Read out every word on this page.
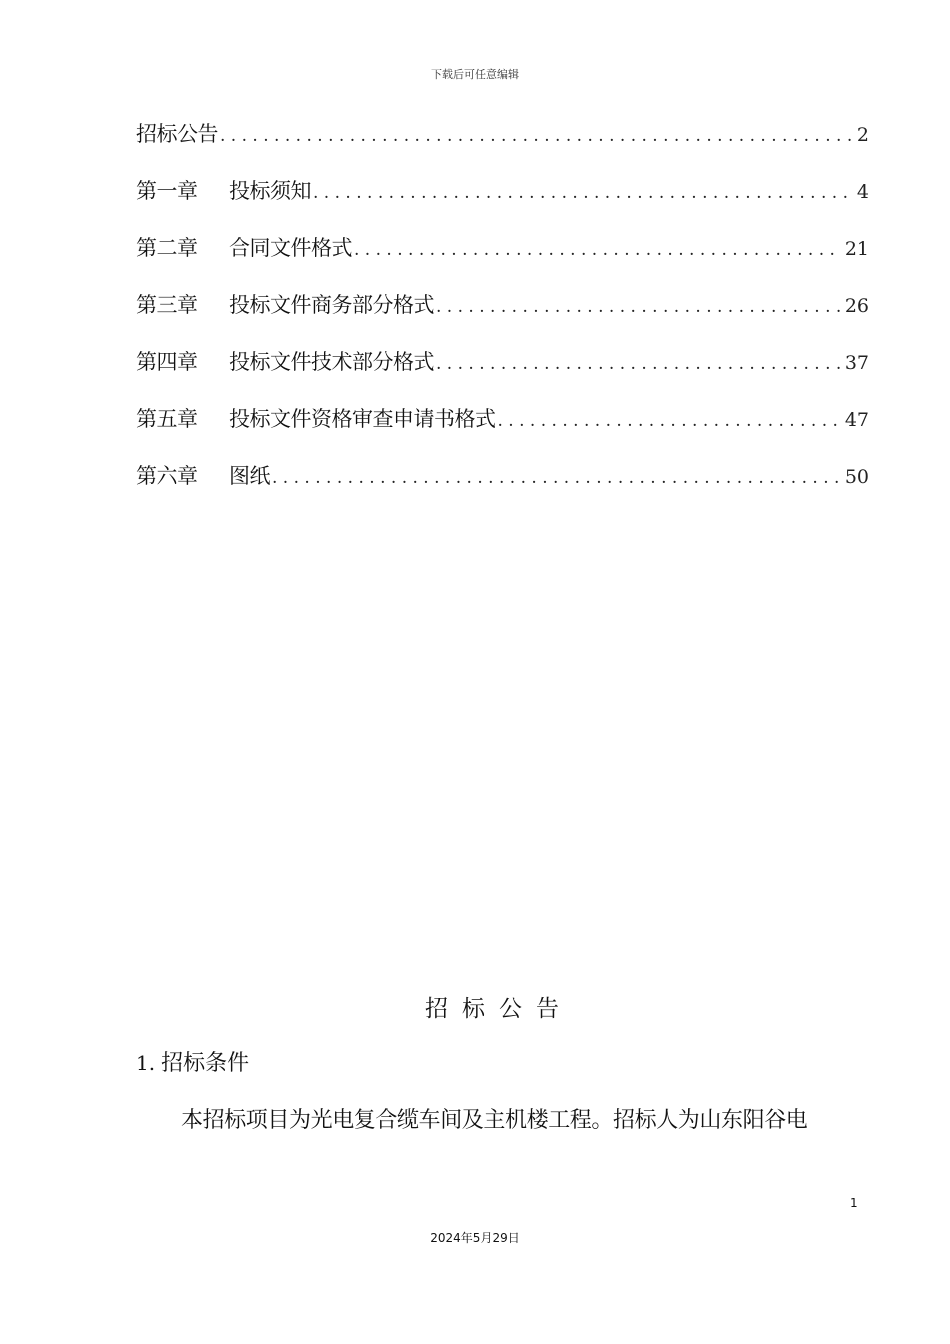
下载后可任意编辑
招标公告 . . .	2
第一章 投标须知 . . .	4
第二章 合同文件格式 . . .	21
第三章 投标文件商务部分格式 . . .	26
第四章 投标文件技术部分格式 . . .	37
第五章 投标文件资格审查申请书格式 . . .	47
第六章 图纸 . . .	50
招标公告
1. 招标条件
本招标项目为光电复合缆车间及主机楼工程。招标人为山东阳谷电
1
2024年5月29日
